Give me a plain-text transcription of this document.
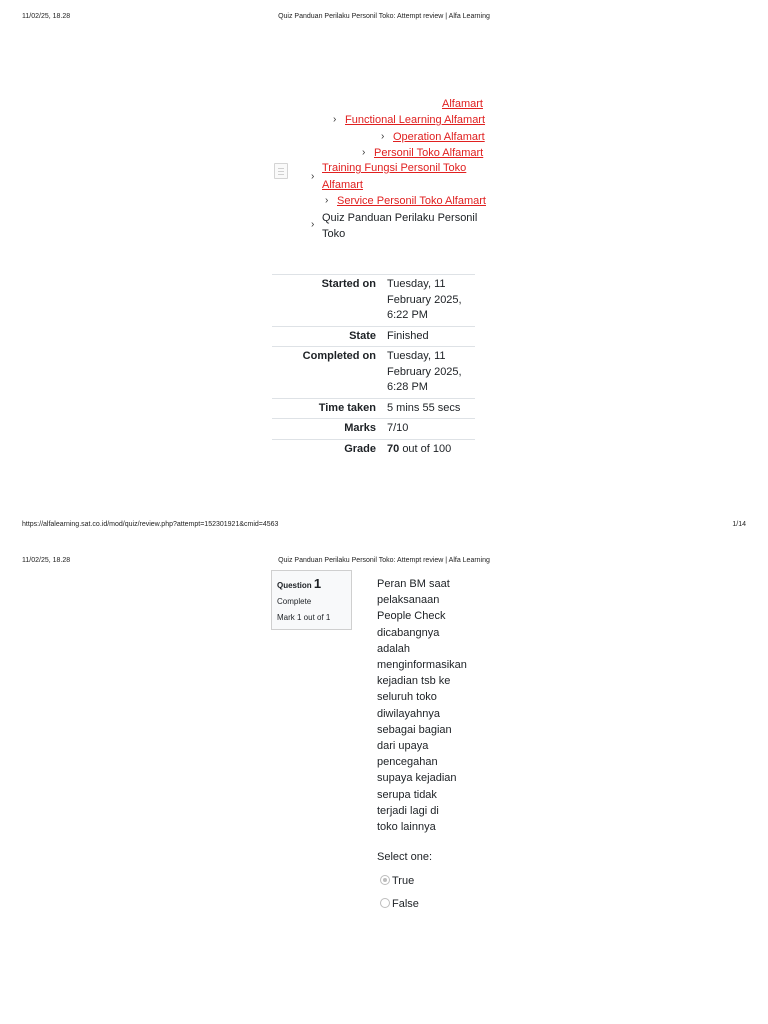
11/02/25, 18.28	Quiz Panduan Perilaku Personil Toko: Attempt review | Alfa Learning
Alfamart
› Functional Learning Alfamart
› Operation Alfamart
› Personil Toko Alfamart
›
Training Fungsi Personil Toko
Alfamart
› Service Personil Toko Alfamart
›
Quiz Panduan Perilaku Personil
Toko
Started on	Tuesday, 11
February 2025,
6:22 PM

State	Finished
Completed on	Tuesday, 11
February 2025,
6:28 PM

Time taken	5 mins 55 secs
Marks	7/10
Grade	70 out of 100
https://alfalearning.sat.co.id/mod/quiz/review.php?attempt=152301921&cmid=4563	1/14
11/02/25, 18.28	Quiz Panduan Perilaku Personil Toko: Attempt review | Alfa Learning
Question 1
Complete
Mark 1 out of 1
Peran BM saat
pelaksanaan
People Check
dicabangnya
adalah
menginformasikan
kejadian tsb ke
seluruh toko
diwilayahnya
sebagai bagian
dari upaya
pencegahan
supaya kejadian
serupa tidak
terjadi lagi di
toko lainnya
Select one:
True
False
